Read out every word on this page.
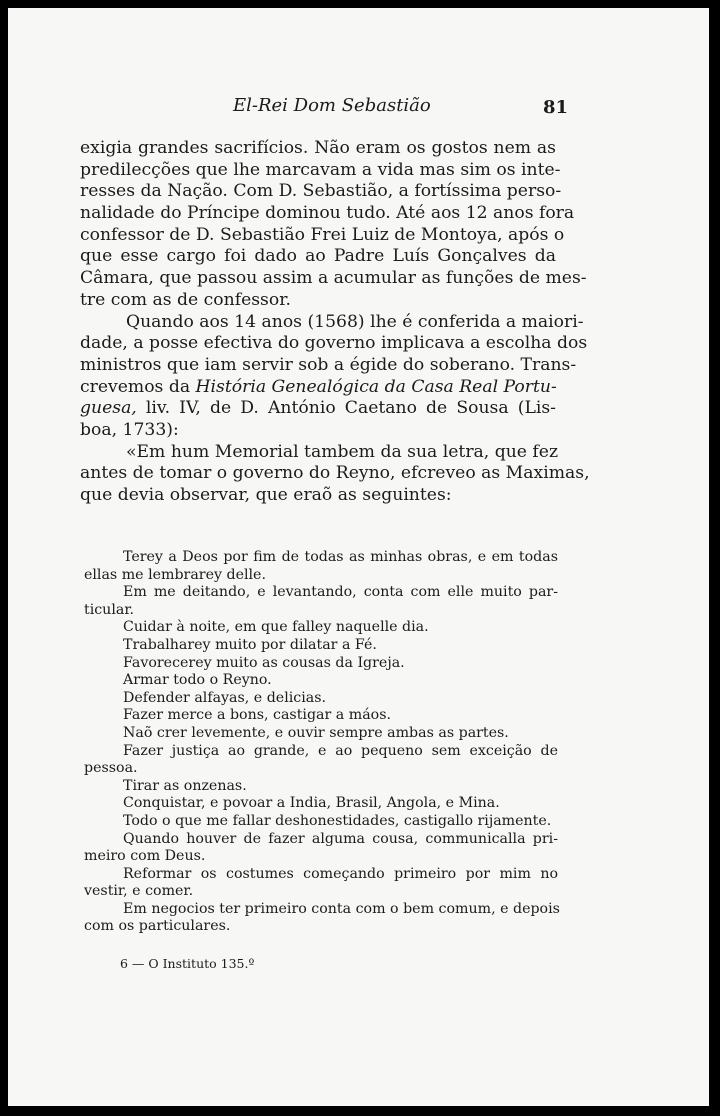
El-Rei Dom Sebastião	81
exigia grandes sacrifícios. Não eram os gostos nem as
predilecções que lhe marcavam a vida mas sim os inte-
resses da Nação. Com D. Sebastião, a fortíssima perso-
nalidade do Príncipe dominou tudo. Até aos 12 anos fora
confessor de D. Sebastião Frei Luiz de Montoya, após o
que esse cargo foi dado ao Padre Luís Gonçalves da
Câmara, que passou assim a acumular as funções de mes-
tre com as de confessor.
Quando aos 14 anos (1568) lhe é conferida a maiori-
dade, a posse efectiva do governo implicava a escolha dos
ministros que iam servir sob a égide do soberano. Trans-
crevemos da História Genealógica da Casa Real Portu-
guesa, liv. IV, de D. António Caetano de Sousa (Lis-
boa, 1733):
«Em hum Memorial tambem da sua letra, que fez
antes de tomar o governo do Reyno, efcreveo as Maximas,
que devia observar, que eraõ as seguintes:
Terey a Deos por fim de todas as minhas obras, e em todas
ellas me lembrarey delle.
Em me deitando, e levantando, conta com elle muito par-
ticular.
Cuidar à noite, em que falley naquelle dia.
Trabalharey muito por dilatar a Fé.
Favorecerey muito as cousas da Igreja.
Armar todo o Reyno.
Defender alfayas, e delicias.
Fazer merce a bons, castigar a máos.
Naõ crer levemente, e ouvir sempre ambas as partes.
Fazer justiça ao grande, e ao pequeno sem exceição de
pessoa.
Tirar as onzenas.
Conquistar, e povoar a India, Brasil, Angola, e Mina.
Todo o que me fallar deshonestidades, castigallo rijamente.
Quando houver de fazer alguma cousa, communicalla pri-
meiro com Deus.
Reformar os costumes começando primeiro por mim no
vestir, e comer.
Em negocios ter primeiro conta com o bem comum, e depois
com os particulares.
6 — O Instituto 135.º
